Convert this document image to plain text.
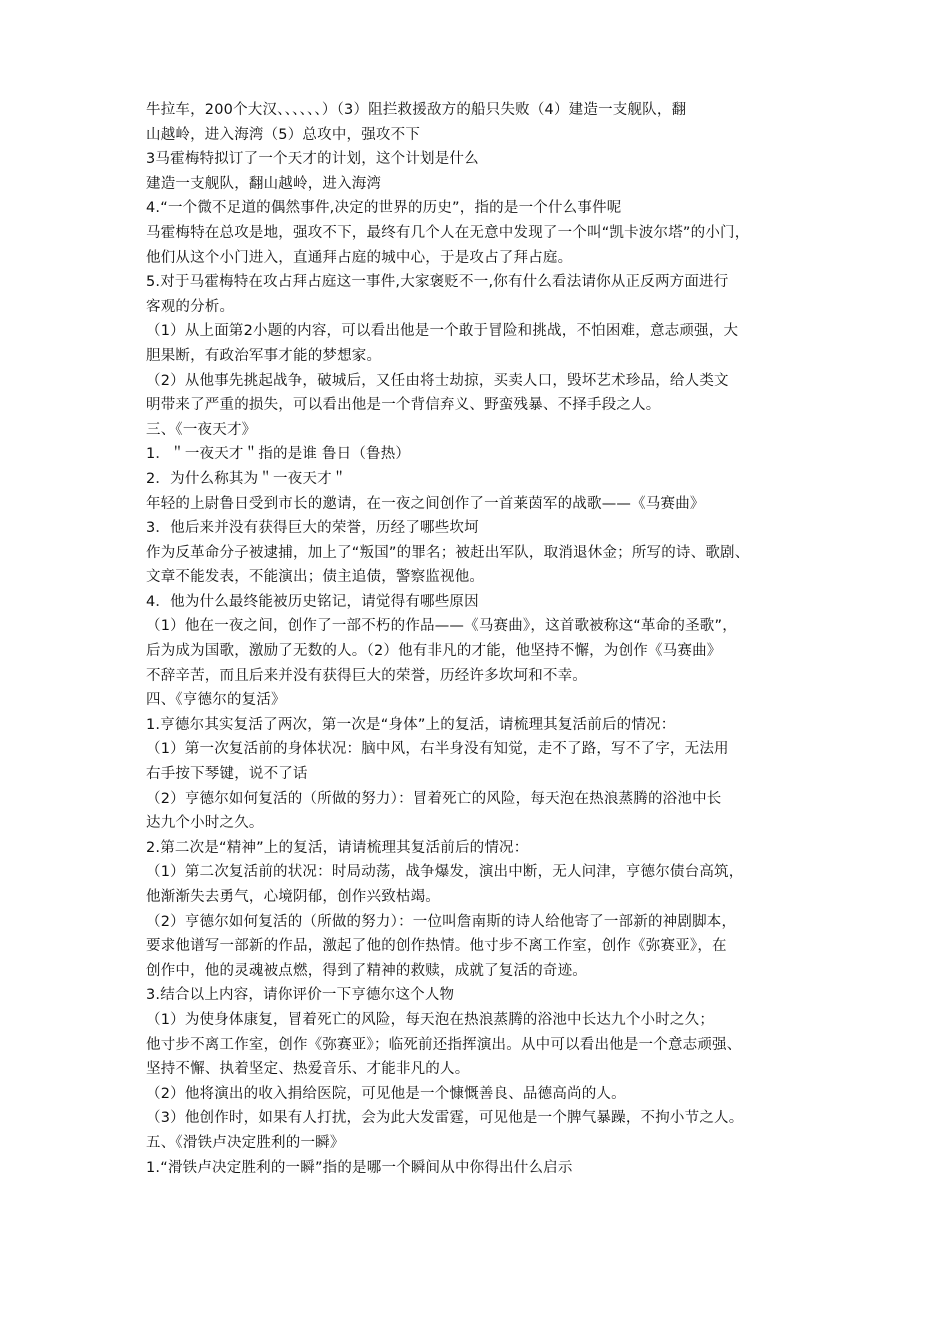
牛拉车，200个大汉、、、、、、）（3）阻拦救援敌方的船只失败（4）建造一支舰队，翻
山越岭，进入海湾（5）总攻中，强攻不下
3马霍梅特拟订了一个天才的计划，这个计划是什么
建造一支舰队，翻山越岭，进入海湾
4.“一个微不足道的偶然事件,决定的世界的历史”，指的是一个什么事件呢
马霍梅特在总攻是地，强攻不下，最终有几个人在无意中发现了一个叫“凯卡波尔塔”的小门，
他们从这个小门进入，直通拜占庭的城中心，于是攻占了拜占庭。
5.对于马霍梅特在攻占拜占庭这一事件,大家褒贬不一,你有什么看法请你从正反两方面进行
客观的分析。
（1）从上面第2小题的内容，可以看出他是一个敢于冒险和挑战，不怕困难，意志顽强，大
胆果断，有政治军事才能的梦想家。
（2）从他事先挑起战争，破城后，又任由将士劫掠，买卖人口，毁坏艺术珍品，给人类文
明带来了严重的损失，可以看出他是一个背信弃义、野蛮残暴、不择手段之人。
三、《一夜天才》
1．＂一夜天才＂指的是谁 鲁日（鲁热）
2．为什么称其为＂一夜天才＂
年轻的上尉鲁日受到市长的邀请，在一夜之间创作了一首莱茵军的战歌——《马赛曲》
3．他后来并没有获得巨大的荣誉，历经了哪些坎坷
作为反革命分子被逮捕，加上了“叛国”的罪名；被赶出军队，取消退休金；所写的诗、歌剧、
文章不能发表，不能演出；债主追债，警察监视他。
4．他为什么最终能被历史铭记，请觉得有哪些原因
（1）他在一夜之间，创作了一部不朽的作品——《马赛曲》，这首歌被称这“革命的圣歌”，
后为成为国歌，激励了无数的人。（2）他有非凡的才能，他坚持不懈，为创作《马赛曲》
不辞辛苦，而且后来并没有获得巨大的荣誉，历经许多坎坷和不幸。
四、《亨德尔的复活》
1.亨德尔其实复活了两次，第一次是“身体”上的复活，请梳理其复活前后的情况：
（1）第一次复活前的身体状况：脑中风，右半身没有知觉，走不了路，写不了字，无法用
右手按下琴键，说不了话
（2）亨德尔如何复活的（所做的努力）：冒着死亡的风险，每天泡在热浪蒸腾的浴池中长
达九个小时之久。
2.第二次是“精神”上的复活，请请梳理其复活前后的情况：
（1）第二次复活前的状况：时局动荡，战争爆发，演出中断，无人问津，亨德尔债台高筑，
他渐渐失去勇气，心境阴郁，创作兴致枯竭。
（2）亨德尔如何复活的（所做的努力）：一位叫詹南斯的诗人给他寄了一部新的神剧脚本，
要求他谱写一部新的作品，激起了他的创作热情。他寸步不离工作室，创作《弥赛亚》，在
创作中，他的灵魂被点燃，得到了精神的救赎，成就了复活的奇迹。
3.结合以上内容，请你评价一下亨德尔这个人物
（1）为使身体康复，冒着死亡的风险，每天泡在热浪蒸腾的浴池中长达九个小时之久；
他寸步不离工作室，创作《弥赛亚》；临死前还指挥演出。从中可以看出他是一个意志顽强、
坚持不懈、执着坚定、热爱音乐、才能非凡的人。
（2）他将演出的收入捐给医院，可见他是一个慷慨善良、品德高尚的人。
（3）他创作时，如果有人打扰，会为此大发雷霆，可见他是一个脾气暴躁，不拘小节之人。
五、《滑铁卢决定胜利的一瞬》
1.“滑铁卢决定胜利的一瞬”指的是哪一个瞬间从中你得出什么启示
